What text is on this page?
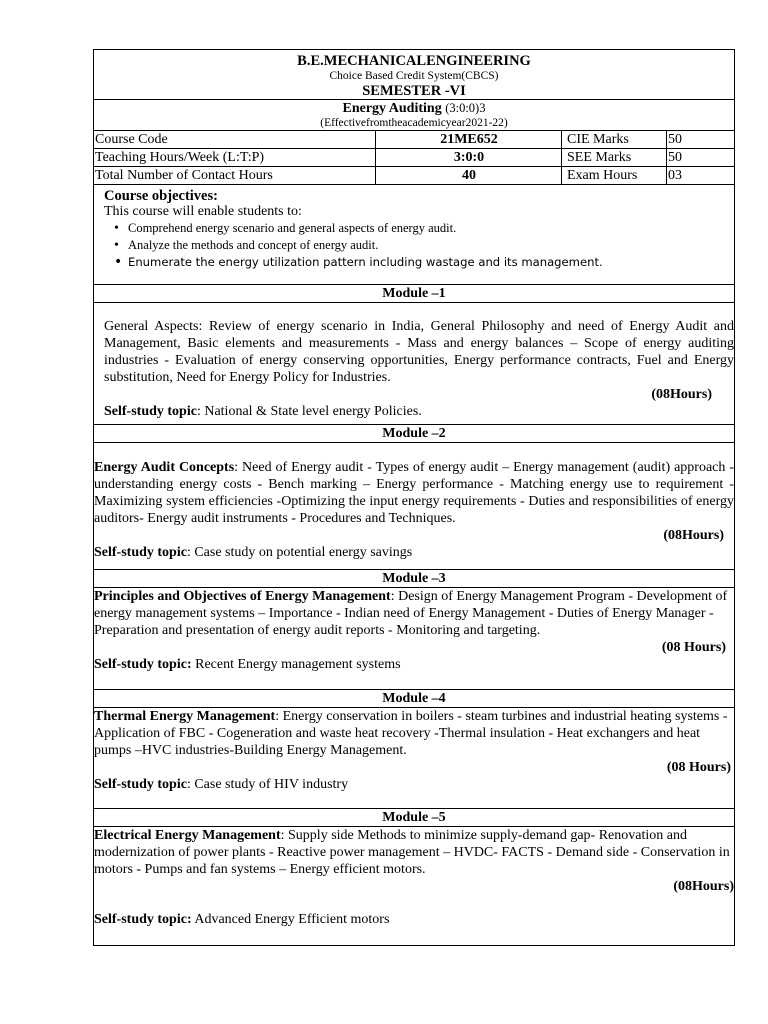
B.E.MECHANICALENGINEERING
Choice Based Credit System(CBCS)
SEMESTER -VI
Energy Auditing (3:0:0)3
(Effectivefromtheacademicyear2021-22)
Course Code	21ME652	CIE Marks	50
Teaching Hours/Week (L:T:P)	3:0:0	SEE Marks	50
Total Number of Contact Hours	40	Exam Hours	03
Course objectives:
This course will enable students to:
• Comprehend energy scenario and general aspects of energy audit.
• Analyze the methods and concept of energy audit.
• Enumerate the energy utilization pattern including wastage and its management.
Module –1
General Aspects: Review of energy scenario in India, General Philosophy and need of Energy Audit and Management, Basic elements and measurements - Mass and energy balances – Scope of energy auditing industries - Evaluation of energy conserving opportunities, Energy performance contracts, Fuel and Energy substitution, Need for Energy Policy for Industries.
(08Hours)
Self-study topic: National & State level energy Policies.
Module –2
Energy Audit Concepts: Need of Energy audit - Types of energy audit – Energy management (audit) approach - understanding energy costs - Bench marking – Energy performance - Matching energy use to requirement - Maximizing system efficiencies -Optimizing the input energy requirements - Duties and responsibilities of energy auditors- Energy audit instruments - Procedures and Techniques.
(08Hours)
Self-study topic: Case study on potential energy savings
Module –3
Principles and Objectives of Energy Management: Design of Energy Management Program - Development of energy management systems – Importance - Indian need of Energy Management - Duties of Energy Manager - Preparation and presentation of energy audit reports - Monitoring and targeting.
(08 Hours)
Self-study topic: Recent Energy management systems
Module –4
Thermal Energy Management: Energy conservation in boilers - steam turbines and industrial heating systems - Application of FBC - Cogeneration and waste heat recovery -Thermal insulation - Heat exchangers and heat pumps –HVC industries-Building Energy Management.
(08 Hours)
Self-study topic: Case study of HIV industry
Module –5
Electrical Energy Management: Supply side Methods to minimize supply-demand gap- Renovation and modernization of power plants - Reactive power management – HVDC- FACTS - Demand side - Conservation in motors - Pumps and fan systems – Energy efficient motors.
(08Hours)
Self-study topic: Advanced Energy Efficient motors
